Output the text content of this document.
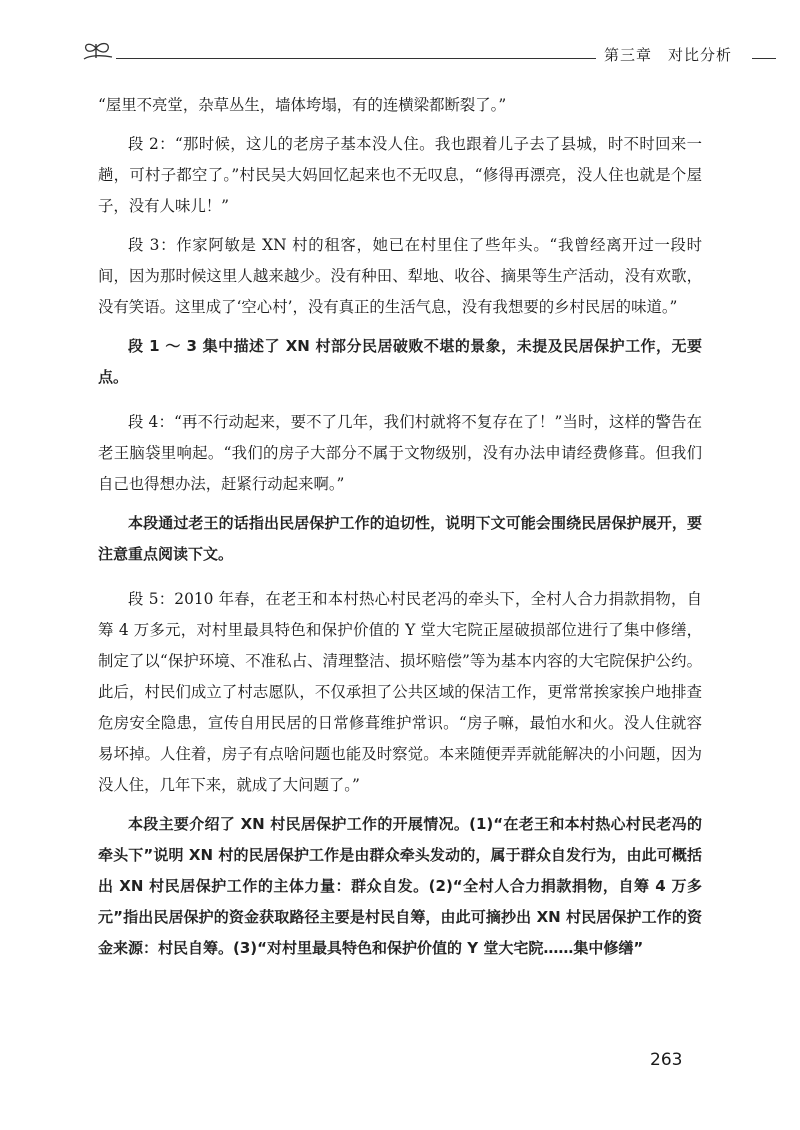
第三章　对比分析

“屋里不亮堂，杂草丛生，墙体垮塌，有的连横梁都断裂了。”

段 2：“那时候，这儿的老房子基本没人住。我也跟着儿子去了县城，时不时回来一趟，可村子都空了。”村民吴大妈回忆起来也不无叹息，“修得再漂亮，没人住也就是个屋子，没有人味儿！”

段 3：作家阿敏是 XN 村的租客，她已在村里住了些年头。“我曾经离开过一段时间，因为那时候这里人越来越少。没有种田、犁地、收谷、摘果等生产活动，没有欢歌，没有笑语。这里成了‘空心村’，没有真正的生活气息，没有我想要的乡村民居的味道。”

段 1 ～ 3 集中描述了 XN 村部分民居破败不堪的景象，未提及民居保护工作，无要点。

段 4：“再不行动起来，要不了几年，我们村就将不复存在了！”当时，这样的警告在老王脑袋里响起。“我们的房子大部分不属于文物级别，没有办法申请经费修葺。但我们自己也得想办法，赶紧行动起来啊。”

本段通过老王的话指出民居保护工作的迫切性，说明下文可能会围绕民居保护展开，要注意重点阅读下文。

段 5：2010 年春，在老王和本村热心村民老冯的牵头下，全村人合力捐款捐物，自筹 4 万多元，对村里最具特色和保护价值的 Y 堂大宅院正屋破损部位进行了集中修缮，制定了以“保护环境、不准私占、清理整洁、损坏赔偿”等为基本内容的大宅院保护公约。此后，村民们成立了村志愿队，不仅承担了公共区域的保洁工作，更常常挨家挨户地排查危房安全隐患，宣传自用民居的日常修葺维护常识。“房子嘛，最怕水和火。没人住就容易坏掉。人住着，房子有点啥问题也能及时察觉。本来随便弄弄就能解决的小问题，因为没人住，几年下来，就成了大问题了。”

本段主要介绍了 XN 村民居保护工作的开展情况。(1)“在老王和本村热心村民老冯的牵头下”说明 XN 村的民居保护工作是由群众牵头发动的，属于群众自发行为，由此可概括出 XN 村民居保护工作的主体力量：群众自发。(2)“全村人合力捐款捐物，自筹 4 万多元”指出民居保护的资金获取路径主要是村民自筹，由此可摘抄出 XN 村民居保护工作的资金来源：村民自筹。(3)“对村里最具特色和保护价值的 Y 堂大宅院……集中修缮”

263
